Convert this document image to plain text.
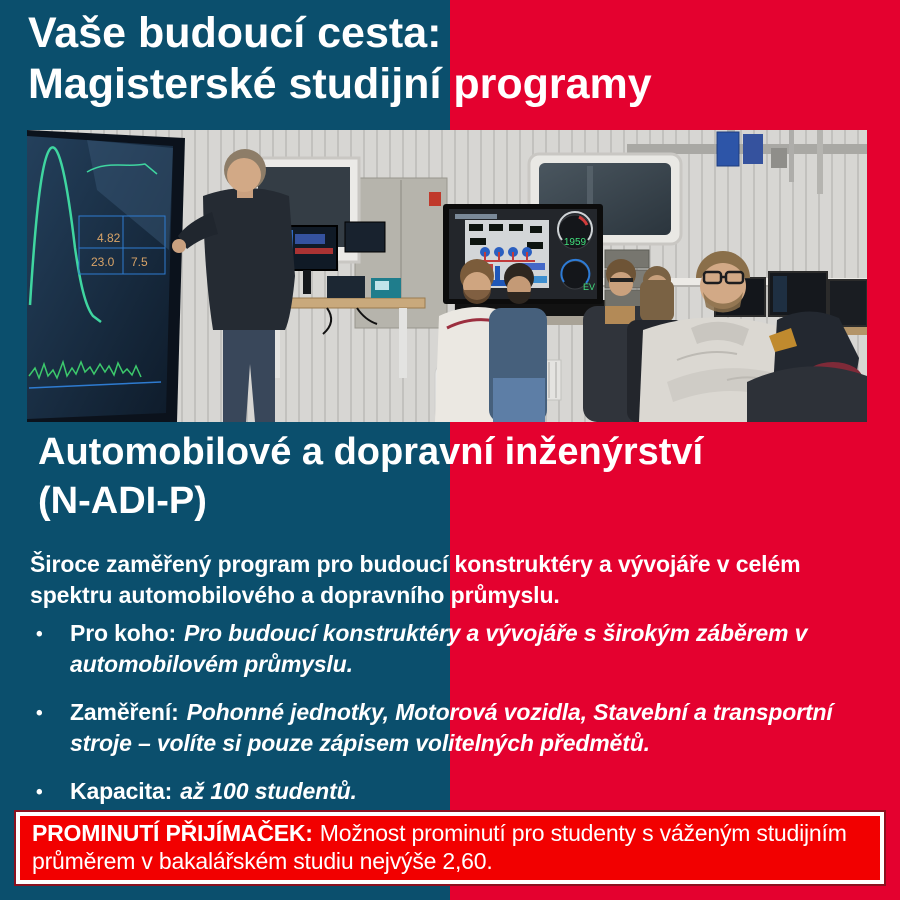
Vaše budoucí cesta:
Magisterské studijní programy
4.82
23.0 7.5
1959
EV
Automobilové a dopravní inženýrství
(N-ADI-P)

Široce zaměřený program pro budoucí konstruktéry a vývojáře v celém spektru automobilového a dopravního průmyslu.

•	Pro koho: Pro budoucí konstruktéry a vývojáře s širokým záběrem v automobilovém průmyslu.
•	Zaměření: Pohonné jednotky, Motorová vozidla, Stavební a transportní stroje – volíte si pouze zápisem volitelných předmětů.
•	Kapacita: až 100 studentů.
PROMINUTÍ PŘIJÍMAČEK: Možnost prominutí pro studenty s váženým studijním průměrem v bakalářském studiu nejvýše 2,60.
